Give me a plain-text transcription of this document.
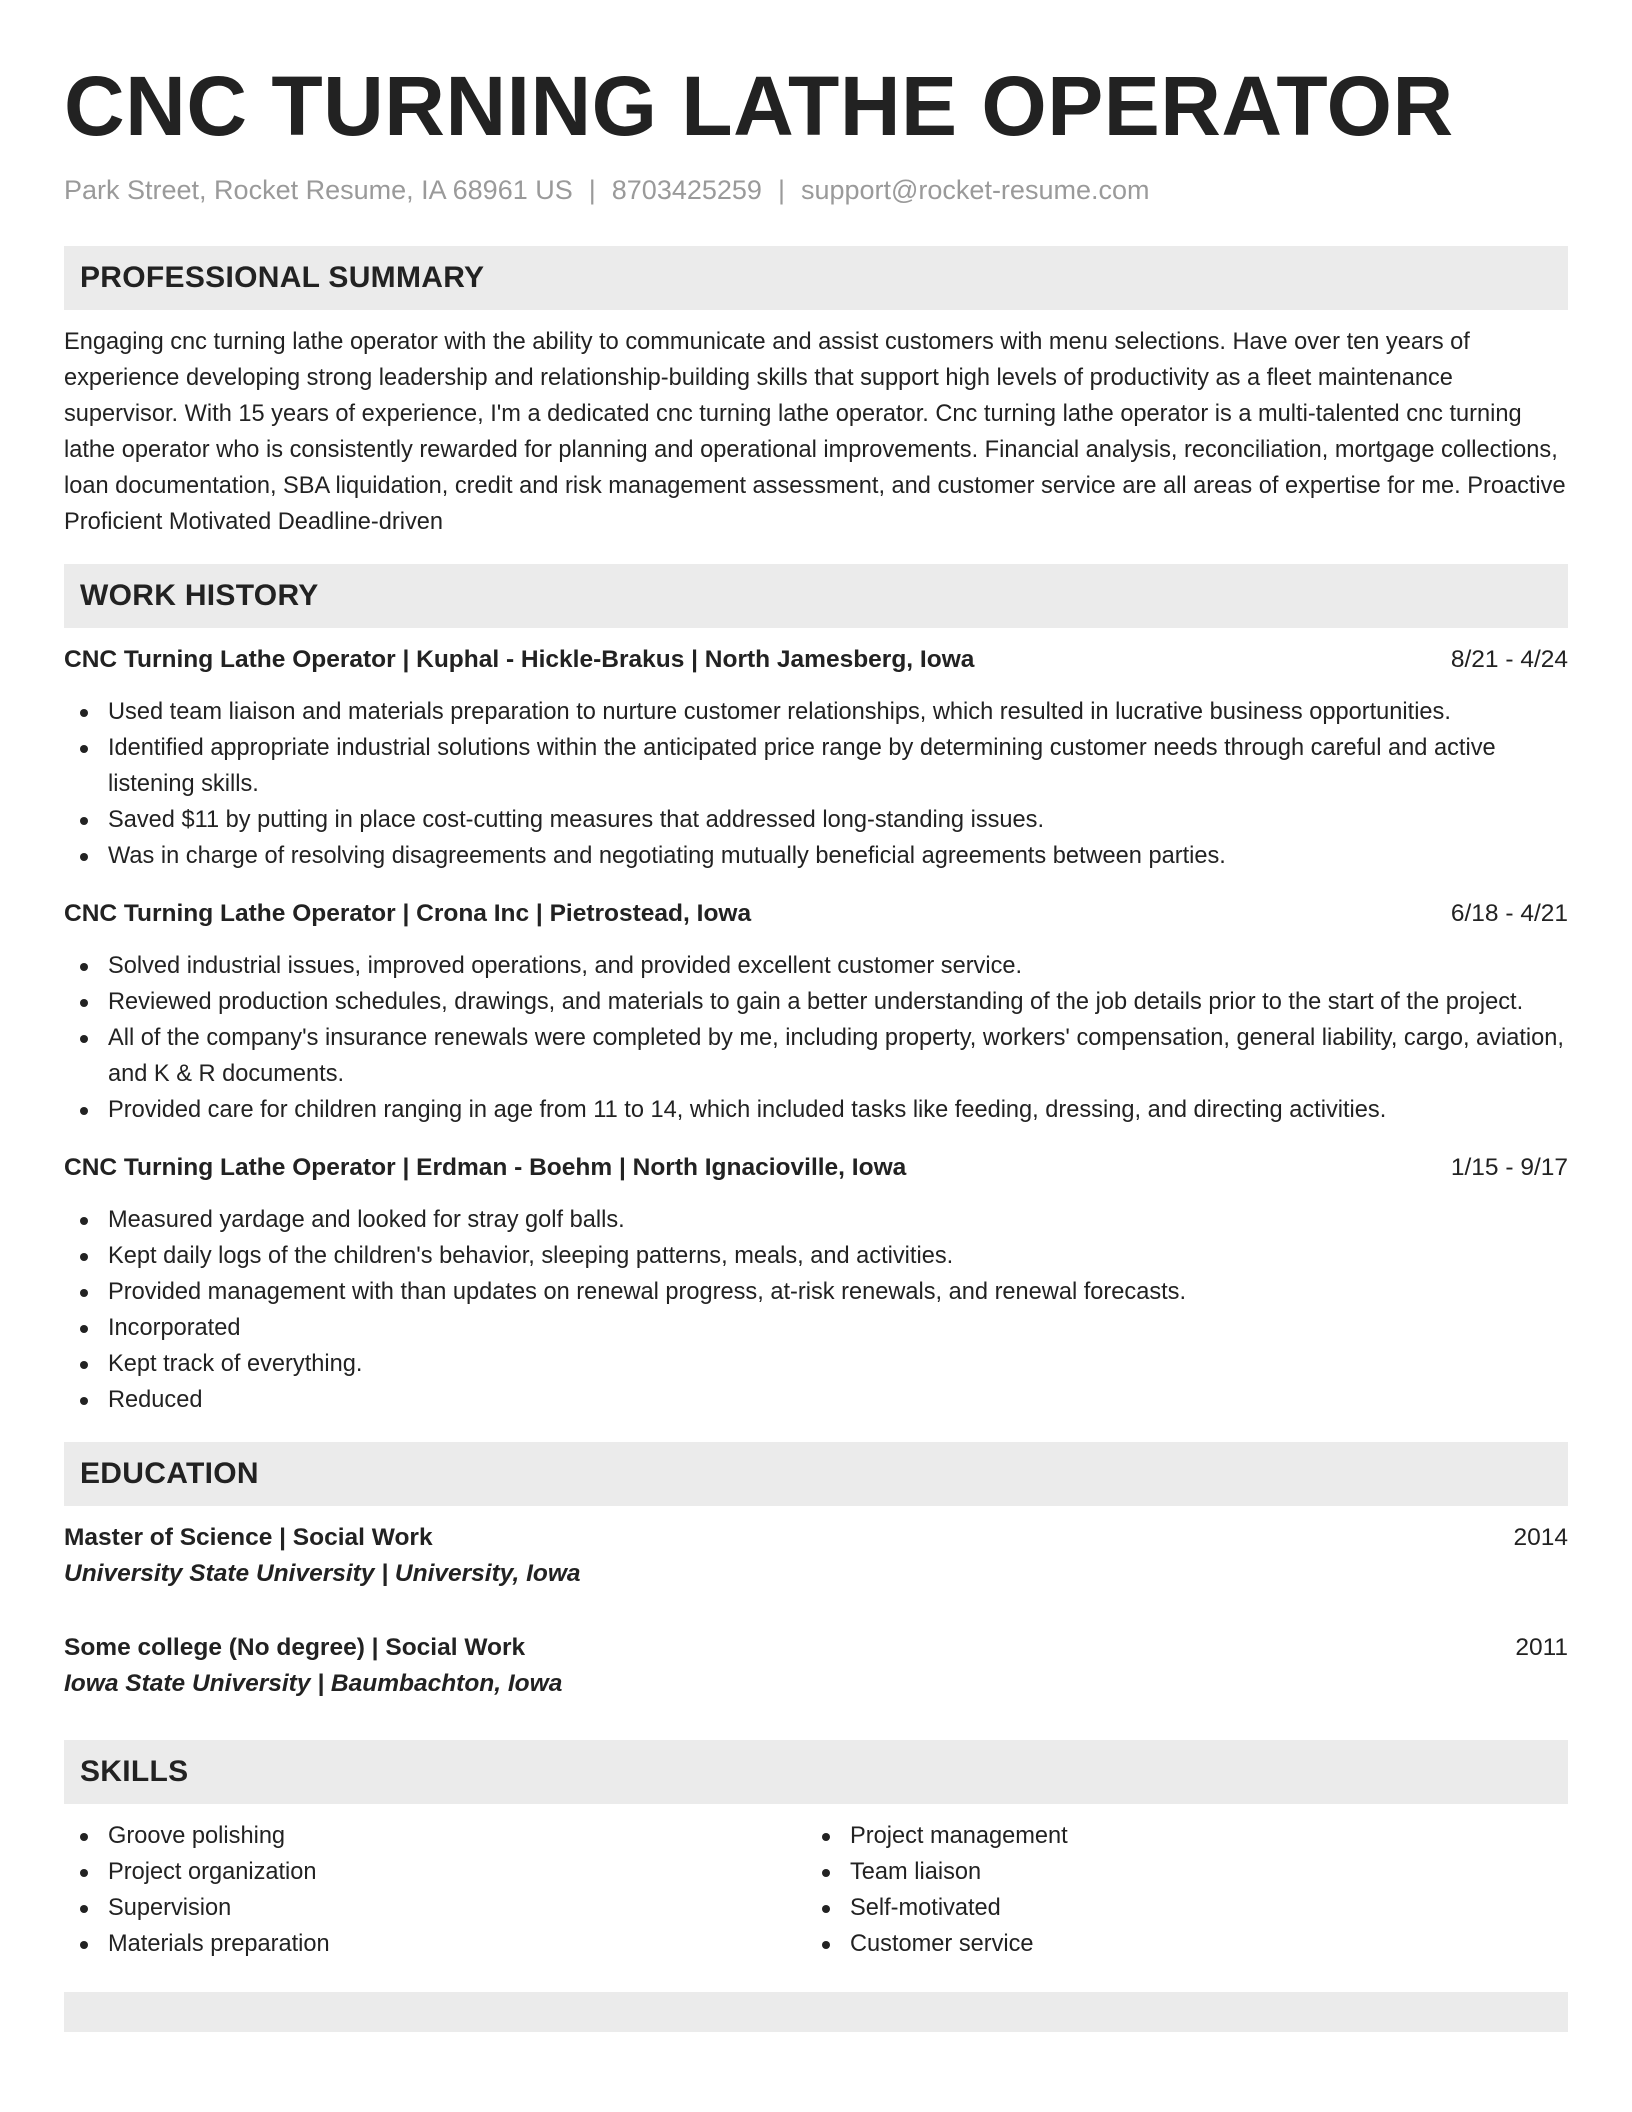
CNC TURNING LATHE OPERATOR
Park Street, Rocket Resume, IA 68961 US | 8703425259 | support@rocket-resume.com
PROFESSIONAL SUMMARY

Engaging cnc turning lathe operator with the ability to communicate and assist customers with menu selections. Have over ten years of experience developing strong leadership and relationship-building skills that support high levels of productivity as a fleet maintenance supervisor. With 15 years of experience, I'm a dedicated cnc turning lathe operator. Cnc turning lathe operator is a multi-talented cnc turning lathe operator who is consistently rewarded for planning and operational improvements. Financial analysis, reconciliation, mortgage collections, loan documentation, SBA liquidation, credit and risk management assessment, and customer service are all areas of expertise for me. Proactive Proficient Motivated Deadline-driven

WORK HISTORY
CNC Turning Lathe Operator | Kuphal - Hickle-Brakus | North Jamesberg, Iowa	8/21 - 4/24
Used team liaison and materials preparation to nurture customer relationships, which resulted in lucrative business opportunities.
Identified appropriate industrial solutions within the anticipated price range by determining customer needs through careful and active listening skills.
Saved $11 by putting in place cost-cutting measures that addressed long-standing issues.
Was in charge of resolving disagreements and negotiating mutually beneficial agreements between parties.
CNC Turning Lathe Operator | Crona Inc | Pietrostead, Iowa	6/18 - 4/21
Solved industrial issues, improved operations, and provided excellent customer service.
Reviewed production schedules, drawings, and materials to gain a better understanding of the job details prior to the start of the project.
All of the company's insurance renewals were completed by me, including property, workers' compensation, general liability, cargo, aviation, and K & R documents.
Provided care for children ranging in age from 11 to 14, which included tasks like feeding, dressing, and directing activities.
CNC Turning Lathe Operator | Erdman - Boehm | North Ignacioville, Iowa	1/15 - 9/17
Measured yardage and looked for stray golf balls.
Kept daily logs of the children's behavior, sleeping patterns, meals, and activities.
Provided management with than updates on renewal progress, at-risk renewals, and renewal forecasts.
Incorporated
Kept track of everything.
Reduced
EDUCATION
Master of Science | Social Work	2014
University State University | University, Iowa
Some college (No degree) | Social Work	2011
Iowa State University | Baumbachton, Iowa
SKILLS
Groove polishing
Project organization
Supervision
Materials preparation
Project management
Team liaison
Self-motivated
Customer service
